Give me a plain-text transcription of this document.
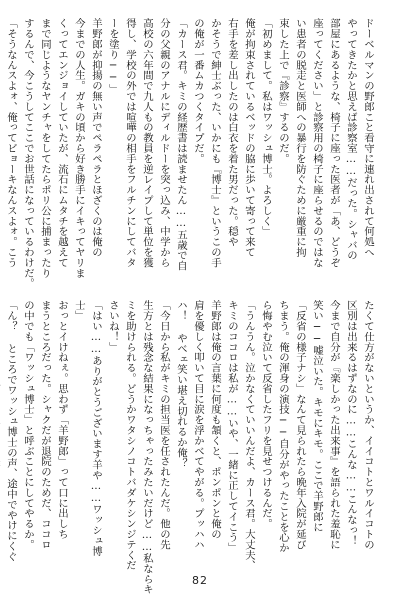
ドーベルマンの野郎こと看守に連れ出されて何処へ
やってきたかと思えば診察室……だった。シャバの
部屋にあるような、椅子に座った医者が「あ、どうぞ
座ってください」と診察用の椅子に座らせるのではな
い患者の脱走と医師への暴行を防ぐために厳重に拘
束した上で『診察』するのだ。
「初めまして。私はワッシュ博士。よろしく」
俺が拘束されているベッドの脇に歩いて寄って来て
右手を差し出したのは白衣を着た男だった。穏や
かそうで紳士ぶった、いかにも『博士』というこの手
の俺が一番ムカつくタイプだ。
「カース君。キミの経歴書は読ませたん……五歳で自
分の父親のアナルにディルドーを突っ込み、中学から
高校の六年間で九人もの教員を逆レイプして単位を獲
得し、学校の外では喧嘩の相手をフルチンにしてバタ
ーを塗り──」
羊野郎が抑揚の無い声でペラペラとほざくのは俺の
今までの人生。ガキの頃から好き勝手にイキってヤリま
くってエンジョイしていたが、流石にムタチを越えて
まで同じようなヤンチャをしてたらポリ公に捕まったり
するんで、今こうしてここでお世話になっているわけだ。
「そうなんスよォ、俺ってビョーキなんスよォ。こう
たくて仕方がないというか、イイコトとワルイコトの
区別は出来るはずなのに……こんな……こんなっ！
今まで自分が『楽しかった出来事』を語られた羞恥に
笑い──嘘泣いた。キモにキモ。ここで羊野郎に
「反省の様子ナシ」なんて見られたら晩年入院が延び
ちまう。俺の渾身の演技──自分がやったことを心か
ら悔やむ泣いて反省したフリを見せつけるんだ。
「うんうん。泣かなくていいんだよ、カース君。大丈夫、
キミのココロは私が……いや、一緒に正してイこう」
羊野郎は俺の言葉に何度も頷くと、ポンポンと俺の
肩を優しく叩いて目に涙を浮かべてやがる。プッハハ
ハ！ やべェ笑い堪え切れるか俺？
「今日から私がキミの担当医を任されたんだ。他の先
生方とは残念な結果になっちゃったみたいだけど……私ならキ
ミを助けられる。どうかワタシノコトバダケシンジテくだ
さいね！」
「はい……ありがとうございます羊や……ワッシュ博
士」
おっとイけねぇ。思わず「羊野郎」って口に出しち
まうところだった。シャクだが退院のためだ、ココロ
の中でも「ワッシュ博士」と呼ぶことにしてやるか。
「ん？ ところでワッシュ博士の声、途中でやけにくぐ
82
